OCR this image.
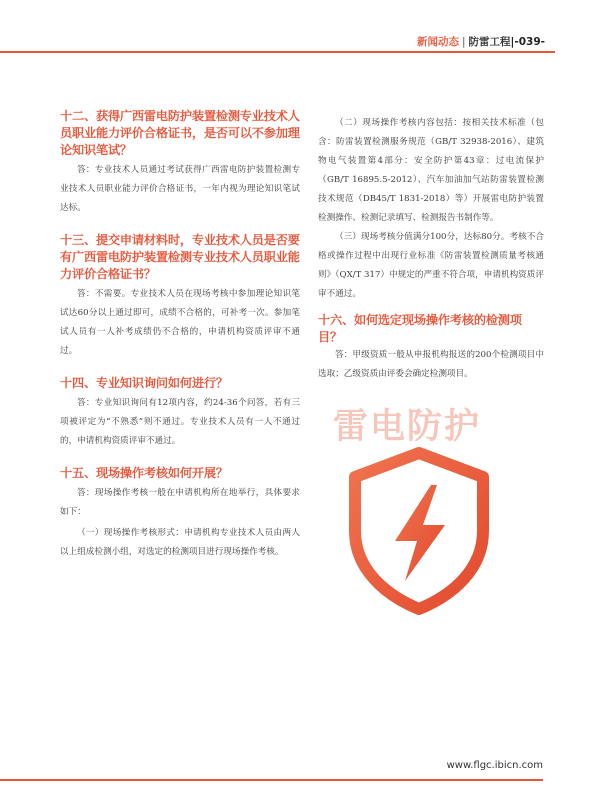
新闻动态 | 防雷工程|-039-
十二、获得广西雷电防护装置检测专业技术人员职业能力评价合格证书，是否可以不参加理论知识笔试？

答：专业技术人员通过考试获得广西雷电防护装置检测专业技术人员职业能力评价合格证书，一年内视为理论知识笔试达标。

十三、提交申请材料时，专业技术人员是否要有广西雷电防护装置检测专业技术人员职业能力评价合格证书？

答：不需要。专业技术人员在现场考核中参加理论知识笔试达60分以上通过即可，成绩不合格的，可补考一次。参加笔试人员有一人补考成绩仍不合格的，申请机构资质评审不通过。

十四、专业知识询问如何进行？

答：专业知识询问有12项内容，约24-36个问答，若有三项被评定为“不熟悉”则不通过。专业技术人员有一人不通过的，申请机构资质评审不通过。

十五、现场操作考核如何开展？

答：现场操作考核一般在申请机构所在地举行，具体要求如下：

（一）现场操作考核形式：申请机构专业技术人员由两人以上组成检测小组，对选定的检测项目进行现场操作考核。

（二）现场操作考核内容包括：按相关技术标准（包含：防雷装置检测服务规范（GB/T 32938-2016）、建筑物电气装置第4部分：安全防护第43章：过电流保护（GB/T 16895.5-2012）、汽车加油加气站防雷装置检测技术规范（DB45/T 1831-2018）等）开展雷电防护装置检测操作、检测记录填写、检测报告书制作等。

（三）现场考核分值满分100分，达标80分。考核不合格或操作过程中出现行业标准《防雷装置检测质量考核通则》（QX/T 317）中规定的严重不符合项，申请机构资质评审不通过。

十六、如何选定现场操作考核的检测项目？

答：甲级资质一般从申报机构报送的200个检测项目中选取；乙级资质由评委会确定检测项目。

雷电防护
www.flgc.ibicn.com
